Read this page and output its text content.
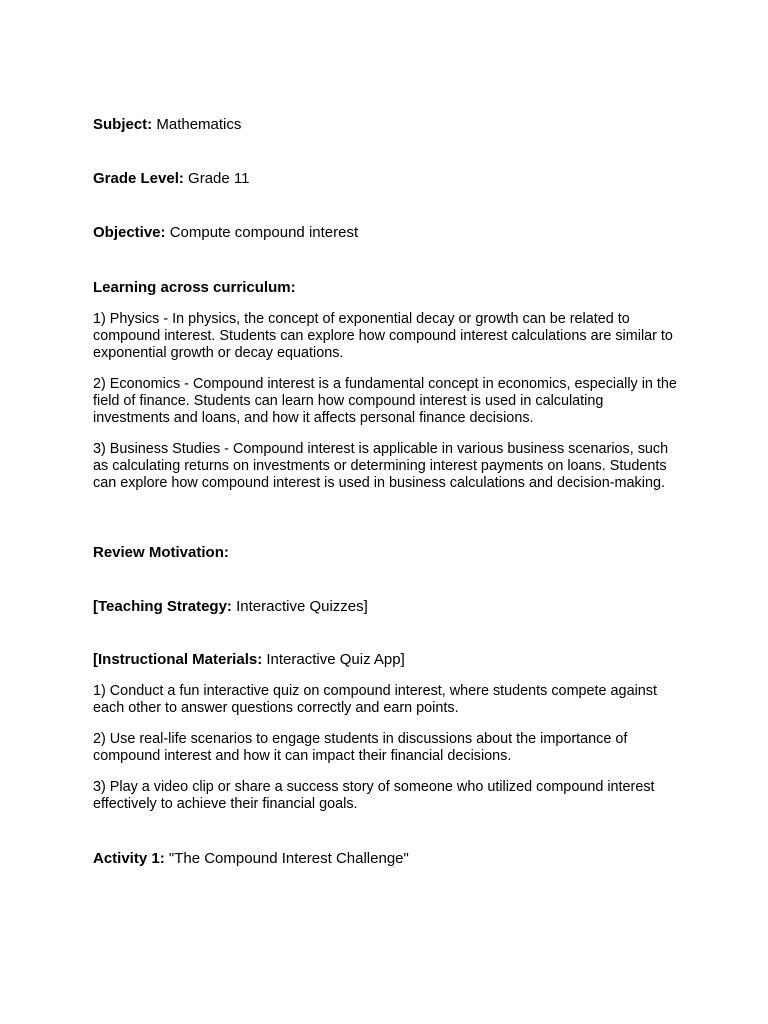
Subject: Mathematics
Grade Level: Grade 11
Objective: Compute compound interest
Learning across curriculum:
1) Physics - In physics, the concept of exponential decay or growth can be related to compound interest. Students can explore how compound interest calculations are similar to exponential growth or decay equations.
2) Economics - Compound interest is a fundamental concept in economics, especially in the field of finance. Students can learn how compound interest is used in calculating investments and loans, and how it affects personal finance decisions.
3) Business Studies - Compound interest is applicable in various business scenarios, such as calculating returns on investments or determining interest payments on loans. Students can explore how compound interest is used in business calculations and decision-making.
Review Motivation:
[Teaching Strategy: Interactive Quizzes]
[Instructional Materials: Interactive Quiz App]
1) Conduct a fun interactive quiz on compound interest, where students compete against each other to answer questions correctly and earn points.
2) Use real-life scenarios to engage students in discussions about the importance of compound interest and how it can impact their financial decisions.
3) Play a video clip or share a success story of someone who utilized compound interest effectively to achieve their financial goals.
Activity 1: "The Compound Interest Challenge"
